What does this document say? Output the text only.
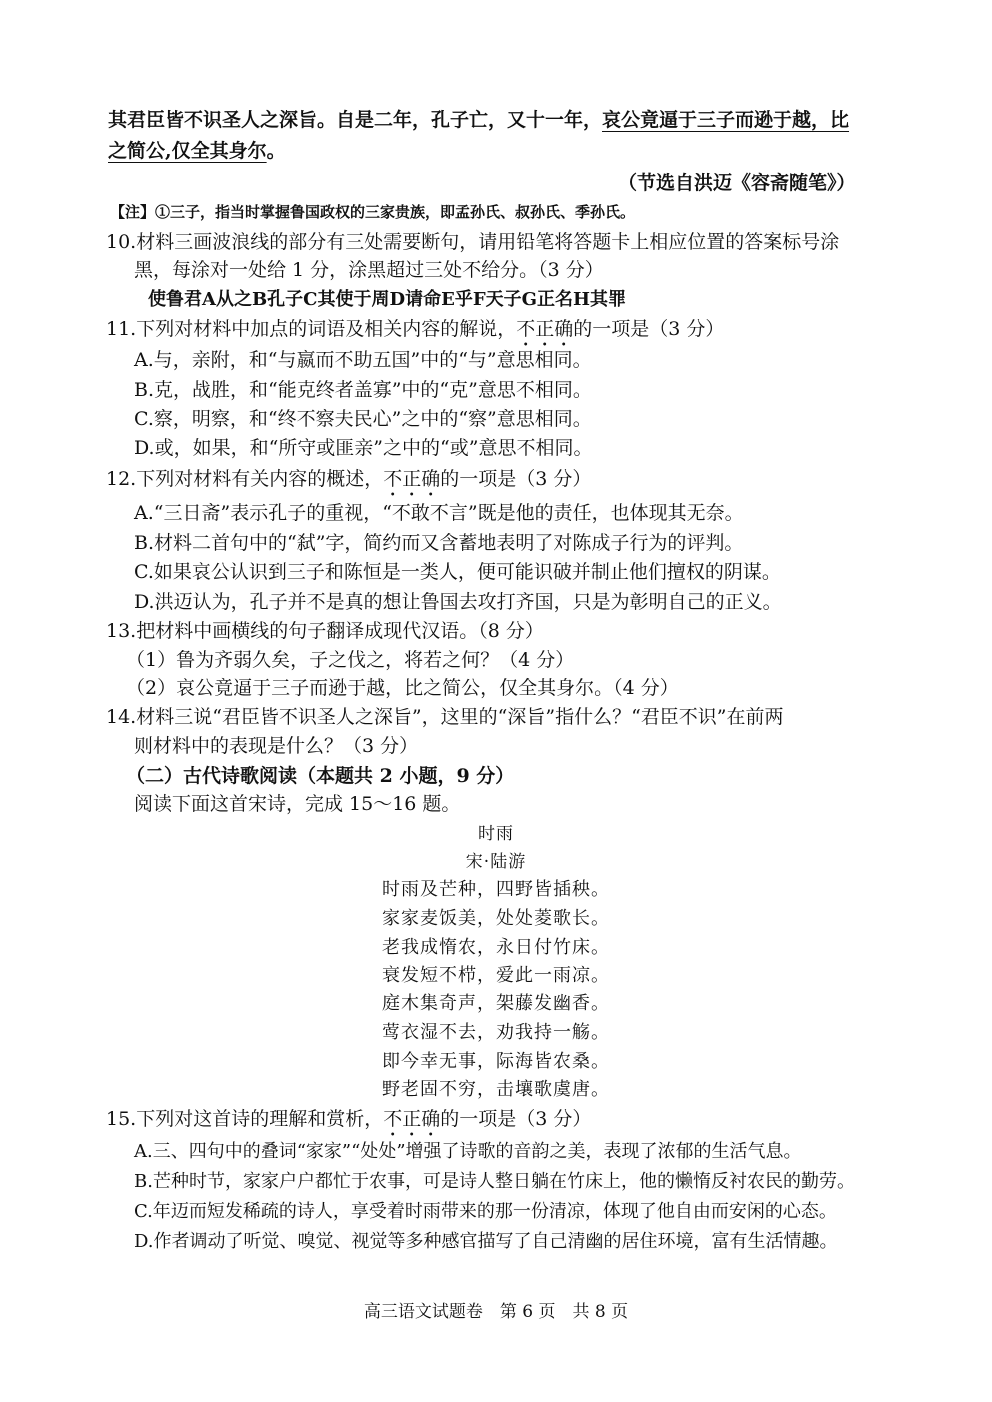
其君臣皆不识圣人之深旨。自是二年，孔子亡，又十一年，哀公竟逼于三子而逊于越，比
之简公,仅全其身尔。
（节选自洪迈《容斋随笔》）
【注】①三子，指当时掌握鲁国政权的三家贵族，即孟孙氏、叔孙氏、季孙氏。
10.材料三画波浪线的部分有三处需要断句，请用铅笔将答题卡上相应位置的答案标号涂
黑，每涂对一处给 1 分，涂黑超过三处不给分。（3 分）
使鲁君A从之B孔子C其使于周D请命E乎F天子G正名H其罪
11.下列对材料中加点的词语及相关内容的解说，不正确的一项是（3 分）
A.与，亲附，和“与嬴而不助五国”中的“与”意思相同。
B.克，战胜，和“能克终者盖寡”中的“克”意思不相同。
C.察，明察，和“终不察夫民心”之中的“察”意思相同。
D.或，如果，和“所守或匪亲”之中的“或”意思不相同。
12.下列对材料有关内容的概述，不正确的一项是（3 分）
A.“三日斋”表示孔子的重视，“不敢不言”既是他的责任，也体现其无奈。
B.材料二首句中的“弑”字，简约而又含蓄地表明了对陈成子行为的评判。
C.如果哀公认识到三子和陈恒是一类人，便可能识破并制止他们擅权的阴谋。
D.洪迈认为，孔子并不是真的想让鲁国去攻打齐国，只是为彰明自己的正义。
13.把材料中画横线的句子翻译成现代汉语。（8 分）
（1）鲁为齐弱久矣，子之伐之，将若之何？（4 分）
（2）哀公竟逼于三子而逊于越，比之简公，仅全其身尔。（4 分）
14.材料三说“君臣皆不识圣人之深旨”，这里的“深旨”指什么？“君臣不识”在前两
则材料中的表现是什么？（3 分）
（二）古代诗歌阅读（本题共 2 小题，9 分）
阅读下面这首宋诗，完成 15～16 题。
时雨
宋·陆游
时雨及芒种，四野皆插秧。
家家麦饭美，处处菱歌长。
老我成惰农，永日付竹床。
衰发短不栉，爱此一雨凉。
庭木集奇声，架藤发幽香。
莺衣湿不去，劝我持一觞。
即今幸无事，际海皆农桑。
野老固不穷，击壤歌虞唐。
15.下列对这首诗的理解和赏析，不正确的一项是（3 分）
A.三、四句中的叠词“家家”“处处”增强了诗歌的音韵之美，表现了浓郁的生活气息。
B.芒种时节，家家户户都忙于农事，可是诗人整日躺在竹床上，他的懒惰反衬农民的勤劳。
C.年迈而短发稀疏的诗人，享受着时雨带来的那一份清凉，体现了他自由而安闲的心态。
D.作者调动了听觉、嗅觉、视觉等多种感官描写了自己清幽的居住环境，富有生活情趣。
高三语文试题卷　第 6 页　共 8 页
